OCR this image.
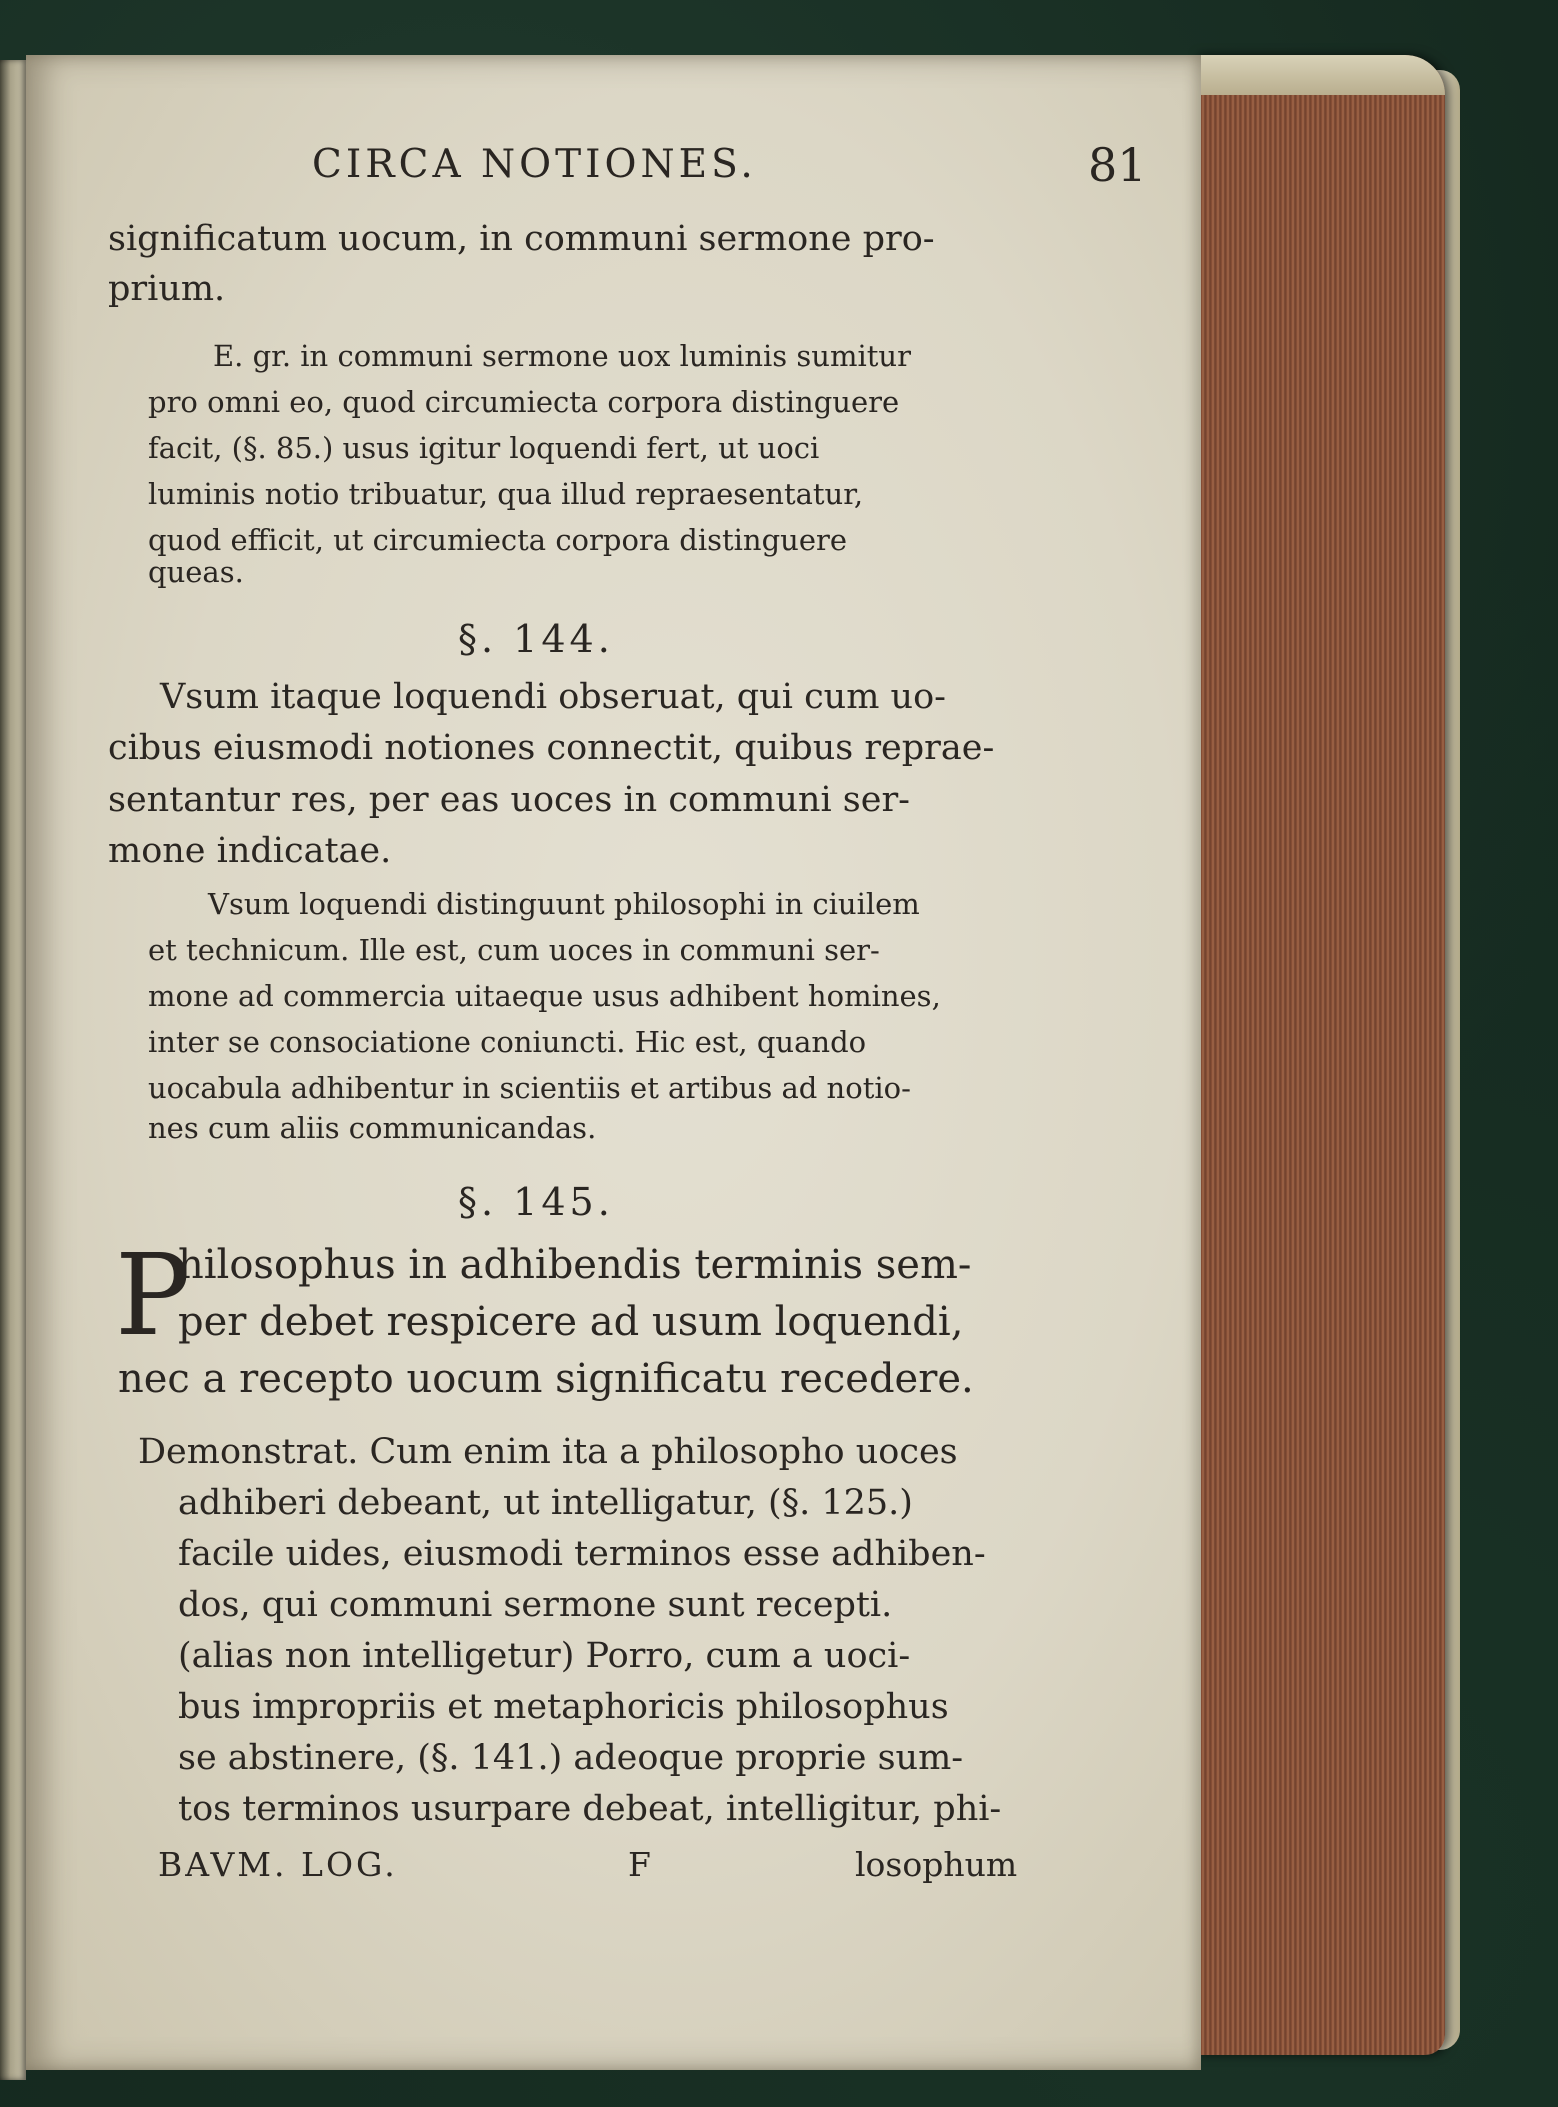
CIRCA NOTIONES.	81
significatum uocum, in communi sermone pro-
prium.
E. gr. in communi sermone uox luminis sumitur
pro omni eo, quod circumiecta corpora distinguere
facit, (§. 85.) usus igitur loquendi fert, ut uoci
luminis notio tribuatur, qua illud repraesentatur,
quod efficit, ut circumiecta corpora distinguere
queas.
§. 144.
Vsum itaque loquendi obseruat, qui cum uo-
cibus eiusmodi notiones connectit, quibus reprae-
sentantur res, per eas uoces in communi ser-
mone indicatae.
Vsum loquendi distinguunt philosophi in ciuilem
et technicum. Ille est, cum uoces in communi ser-
mone ad commercia uitaeque usus adhibent homines,
inter se consociatione coniuncti. Hic est, quando
uocabula adhibentur in scientiis et artibus ad notio-
nes cum aliis communicandas.
§. 145.
P
hilosophus in adhibendis terminis sem-
per debet respicere ad usum loquendi,
nec a recepto uocum significatu recedere.
Demonstrat. Cum enim ita a philosopho uoces
adhiberi debeant, ut intelligatur, (§. 125.)
facile uides, eiusmodi terminos esse adhiben-
dos, qui communi sermone sunt recepti.
(alias non intelligetur) Porro, cum a uoci-
bus impropriis et metaphoricis philosophus
se abstinere, (§. 141.) adeoque proprie sum-
tos terminos usurpare debeat, intelligitur, phi-
BAVM. LOG.	F	losophum
